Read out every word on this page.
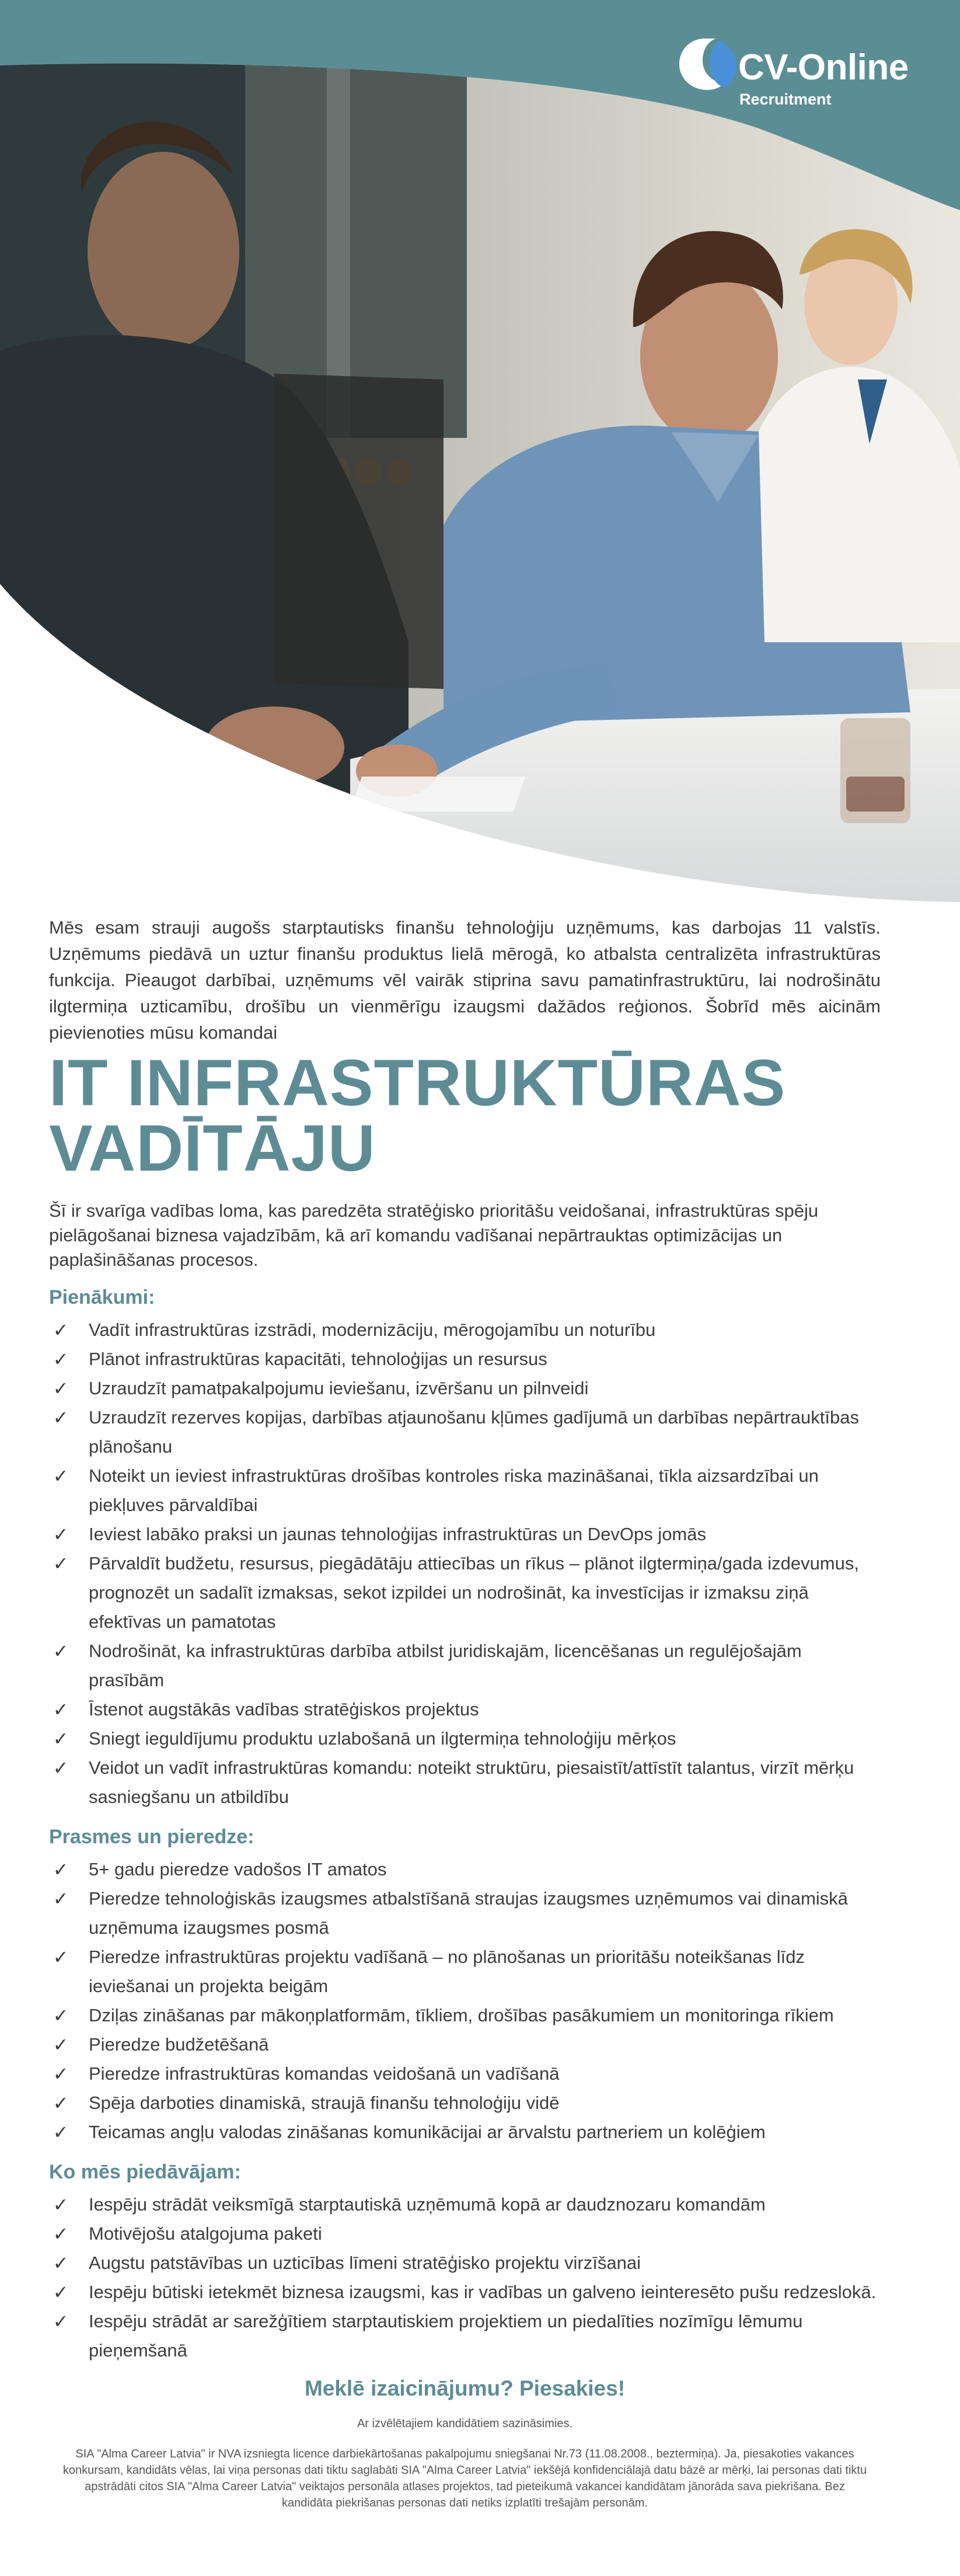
CV-Online
Recruitment

Mēs esam strauji augošs starptautisks finanšu tehnoloģiju uzņēmums, kas darbojas 11 valstīs. Uzņēmums piedāvā un uztur finanšu produktus lielā mērogā, ko atbalsta centralizēta infrastruktūras funkcija. Pieaugot darbībai, uzņēmums vēl vairāk stiprina savu pamatinfrastruktūru, lai nodrošinātu ilgtermiņa uzticamību, drošību un vienmērīgu izaugsmi dažādos reģionos. Šobrīd mēs aicinām pievienoties mūsu komandai

IT INFRASTRUKTŪRAS
VADĪTĀJU

Šī ir svarīga vadības loma, kas paredzēta stratēģisko prioritāšu veidošanai, infrastruktūras spēju pielāgošanai biznesa vajadzībām, kā arī komandu vadīšanai nepārtrauktas optimizācijas un paplašināšanas procesos.

Pienākumi:
✓ Vadīt infrastruktūras izstrādi, modernizāciju, mērogojamību un noturību
✓ Plānot infrastruktūras kapacitāti, tehnoloģijas un resursus
✓ Uzraudzīt pamatpakalpojumu ieviešanu, izvēršanu un pilnveidi
✓ Uzraudzīt rezerves kopijas, darbības atjaunošanu kļūmes gadījumā un darbības nepārtrauktības plānošanu
✓ Noteikt un ieviest infrastruktūras drošības kontroles riska mazināšanai, tīkla aizsardzībai un piekļuves pārvaldībai
✓ Ieviest labāko praksi un jaunas tehnoloģijas infrastruktūras un DevOps jomās
✓ Pārvaldīt budžetu, resursus, piegādātāju attiecības un rīkus – plānot ilgtermiņa/gada izdevumus, prognozēt un sadalīt izmaksas, sekot izpildei un nodrošināt, ka investīcijas ir izmaksu ziņā efektīvas un pamatotas
✓ Nodrošināt, ka infrastruktūras darbība atbilst juridiskajām, licencēšanas un regulējošajām prasībām
✓ Īstenot augstākās vadības stratēģiskos projektus
✓ Sniegt ieguldījumu produktu uzlabošanā un ilgtermiņa tehnoloģiju mērķos
✓ Veidot un vadīt infrastruktūras komandu: noteikt struktūru, piesaistīt/attīstīt talantus, virzīt mērķu sasniegšanu un atbildību
Prasmes un pieredze:
✓ 5+ gadu pieredze vadošos IT amatos
✓ Pieredze tehnoloģiskās izaugsmes atbalstīšanā straujas izaugsmes uzņēmumos vai dinamiskā uzņēmuma izaugsmes posmā
✓ Pieredze infrastruktūras projektu vadīšanā – no plānošanas un prioritāšu noteikšanas līdz ieviešanai un projekta beigām
✓ Dziļas zināšanas par mākoņplatformām, tīkliem, drošības pasākumiem un monitoringa rīkiem
✓ Pieredze budžetēšanā
✓ Pieredze infrastruktūras komandas veidošanā un vadīšanā
✓ Spēja darboties dinamiskā, straujā finanšu tehnoloģiju vidē
✓ Teicamas angļu valodas zināšanas komunikācijai ar ārvalstu partneriem un kolēģiem
Ko mēs piedāvājam:
✓ Iespēju strādāt veiksmīgā starptautiskā uzņēmumā kopā ar daudznozaru komandām
✓ Motivējošu atalgojuma paketi
✓ Augstu patstāvības un uzticības līmeni stratēģisko projektu virzīšanai
✓ Iespēju būtiski ietekmēt biznesa izaugsmi, kas ir vadības un galveno ieinteresēto pušu redzeslokā.
✓ Iespēju strādāt ar sarežģītiem starptautiskiem projektiem un piedalīties nozīmīgu lēmumu pieņemšanā
Meklē izaicinājumu? Piesakies!
Ar izvēlētajiem kandidātiem sazināsimies.
SIA "Alma Career Latvia" ir NVA izsniegta licence darbiekārtošanas pakalpojumu sniegšanai Nr.73 (11.08.2008., beztermiņa). Ja, piesakoties vakances konkursam, kandidāts vēlas, lai viņa personas dati tiktu saglabāti SIA "Alma Career Latvia" iekšējā konfidenciālajā datu bāzē ar mērķi, lai personas dati tiktu apstrādāti citos SIA "Alma Career Latvia" veiktajos personāla atlases projektos, tad pieteikumā vakancei kandidātam jānorāda sava piekrišana. Bez kandidāta piekrišanas personas dati netiks izplatīti trešajām personām.
